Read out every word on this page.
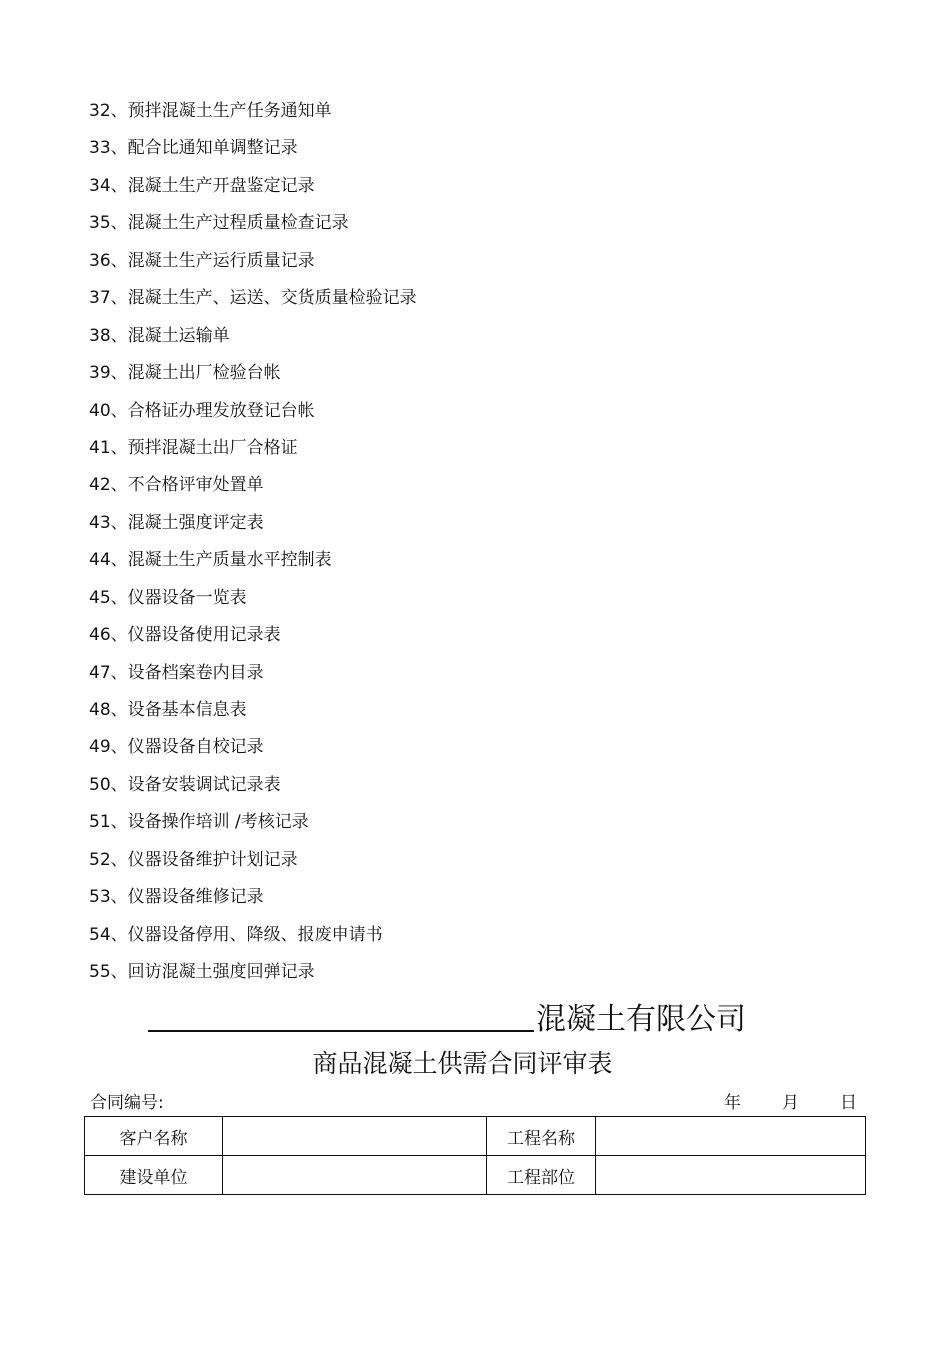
32、预拌混凝土生产任务通知单
33、配合比通知单调整记录
34、混凝土生产开盘鉴定记录
35、混凝土生产过程质量检查记录
36、混凝土生产运行质量记录
37、混凝土生产、运送、交货质量检验记录
38、混凝土运输单
39、混凝土出厂检验台帐
40、合格证办理发放登记台帐
41、预拌混凝土出厂合格证
42、不合格评审处置单
43、混凝土强度评定表
44、混凝土生产质量水平控制表
45、仪器设备一览表
46、仪器设备使用记录表
47、设备档案卷内目录
48、设备基本信息表
49、仪器设备自校记录
50、设备安装调试记录表
51、设备操作培训 /考核记录
52、仪器设备维护计划记录
53、仪器设备维修记录
54、仪器设备停用、降级、报废申请书
55、回访混凝土强度回弹记录
混凝土有限公司
商品混凝土供需合同评审表
合同编号:	年 月 日
客户名称		工程名称	
建设单位		工程部位	
